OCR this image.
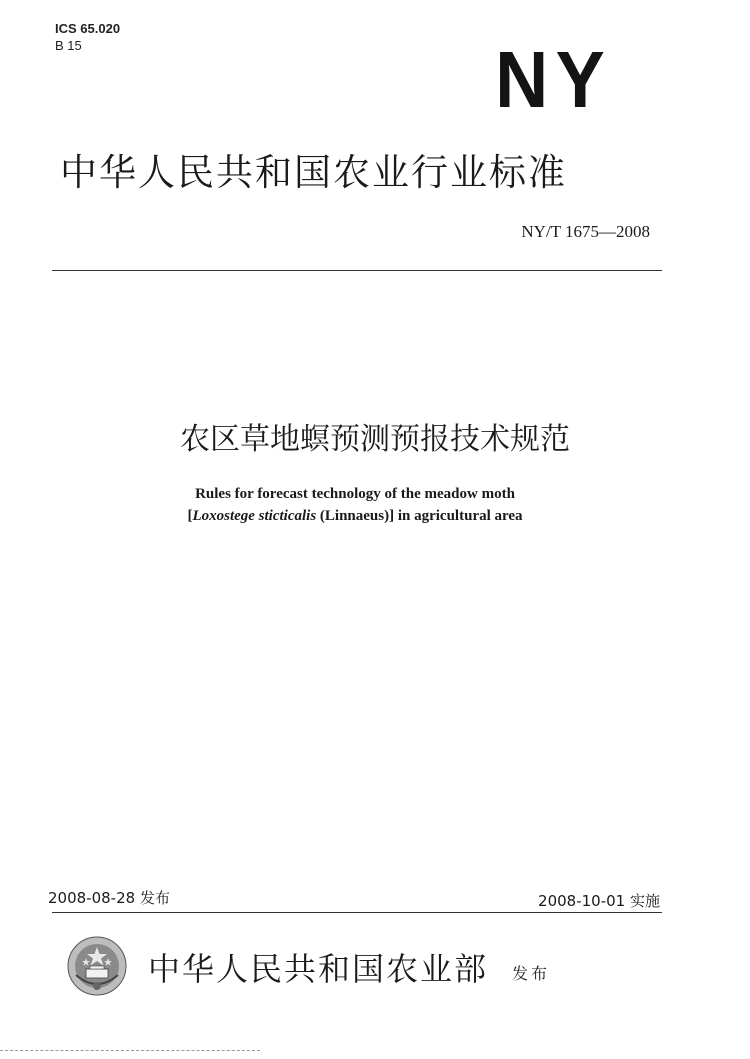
ICS 65.020
B 15	NY
中华人民共和国农业行业标准
NY/T 1675—2008
农区草地螟预测预报技术规范
Rules for forecast technology of the meadow moth
[Loxostege sticticalis (Linnaeus)] in agricultural area
2008-08-28 发布	2008-10-01 实施
中华人民共和国农业部 发布
